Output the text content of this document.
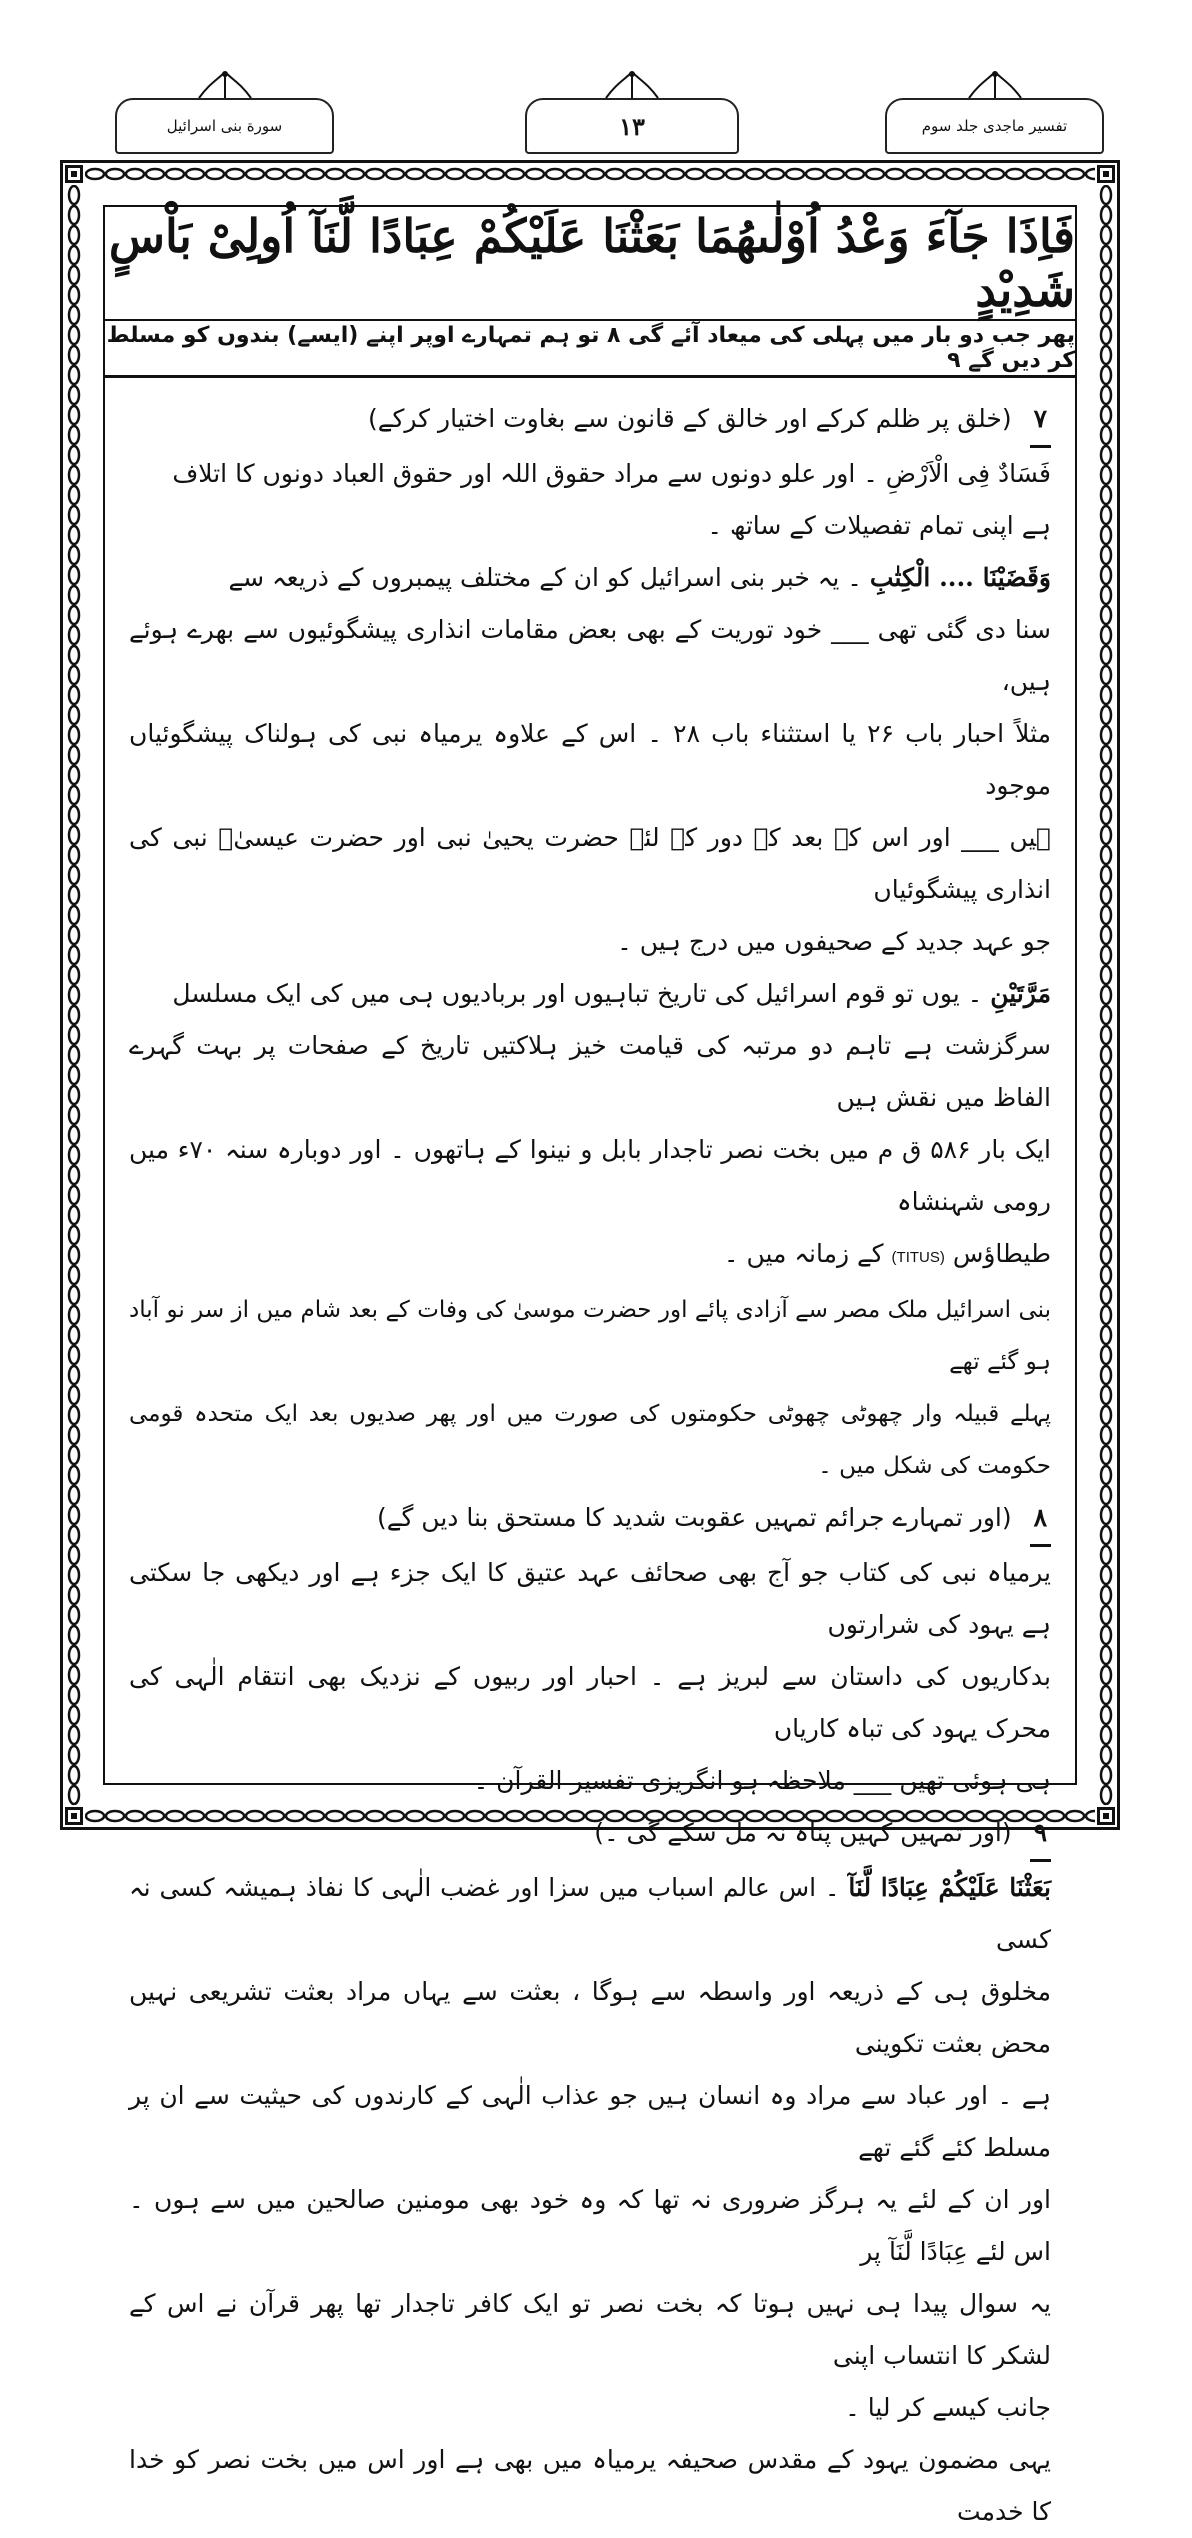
سورة بنی اسرائیل	۱۳	تفسیر ماجدی جلد سوم
فَاِذَا جَآءَ وَعْدُ اُوْلٰىهُمَا بَعَثْنَا عَلَيْكُمْ عِبَادًا لَّنَآ اُولِىْ بَاْسٍ شَدِيْدٍ
پھر جب دو بار میں پہلی کی میعاد آئے گی ۸ تو ہم تمہارے اوپر اپنے (ایسے) بندوں کو مسلط کر دیں گے ۹

۷ (خلق پر ظلم کرکے اور خالق کے قانون سے بغاوت اختیار کرکے)

فَسَادٌ فِى الْاَرْضِ ۔ اور علو دونوں سے مراد حقوق اللہ اور حقوق العباد دونوں کا اتلاف

ہے اپنی تمام تفصیلات کے ساتھ ۔

وَقَضَيْنَا .... الْكِتٰبِ ۔ یہ خبر بنی اسرائیل کو ان کے مختلف پیمبروں کے ذریعہ سے

سنا دی گئی تھی ___ خود توریت کے بھی بعض مقامات انذاری پیشگوئیوں سے بھرے ہوئے ہیں،

مثلاً احبار باب ۲۶ یا استثناء باب ۲۸ ۔ اس کے علاوہ یرمیاہ نبی کی ہولناک پیشگوئیاں موجود

ہیں ___ اور اس کے بعد کے دور کے لئے حضرت یحییٰ نبی اور حضرت عیسیٰؑ نبی کی انذاری پیشگوئیاں

جو عہد جدید کے صحیفوں میں درج ہیں ۔

مَرَّتَيْنِ ۔ یوں تو قوم اسرائیل کی تاریخ تباہیوں اور بربادیوں ہی میں کی ایک مسلسل

سرگزشت ہے تاہم دو مرتبہ کی قیامت خیز ہلاکتیں تاریخ کے صفحات پر بہت گہرے الفاظ میں نقش ہیں

ایک بار ۵۸۶ ق م میں بخت نصر تاجدار بابل و نینوا کے ہاتھوں ۔ اور دوبارہ سنہ ۷۰ء میں رومی شہنشاہ

طیطاؤس (TITUS) کے زمانہ میں ۔

بنی اسرائیل ملک مصر سے آزادی پائے اور حضرت موسیٰ کی وفات کے بعد شام میں از سر نو آباد ہو گئے تھے

پہلے قبیلہ وار چھوٹی چھوٹی حکومتوں کی صورت میں اور پھر صدیوں بعد ایک متحدہ قومی حکومت کی شکل میں ۔

۸ (اور تمہارے جرائم تمہیں عقوبت شدید کا مستحق بنا دیں گے)

یرمیاہ نبی کی کتاب جو آج بھی صحائف عہد عتیق کا ایک جزء ہے اور دیکھی جا سکتی ہے یہود کی شرارتوں

بدکاریوں کی داستان سے لبریز ہے ۔ احبار اور ربیوں کے نزدیک بھی انتقام الٰہی کی محرک یہود کی تباہ کاریاں

ہی ہوئی تھیں ___ ملاحظہ ہو انگریزی تفسیر القرآن ۔

۹ (اور تمہیں کہیں پناہ نہ مل سکے گی ۔)

بَعَثْنَا عَلَيْكُمْ عِبَادًا لَّنَآ ۔ اس عالم اسباب میں سزا اور غضب الٰہی کا نفاذ ہمیشہ کسی نہ کسی

مخلوق ہی کے ذریعہ اور واسطہ سے ہوگا ، بعثت سے یہاں مراد بعثت تشریعی نہیں محض بعثت تکوینی

ہے ۔ اور عباد سے مراد وہ انسان ہیں جو عذاب الٰہی کے کارندوں کی حیثیت سے ان پر مسلط کئے گئے تھے

اور ان کے لئے یہ ہرگز ضروری نہ تھا کہ وہ خود بھی مومنین صالحین میں سے ہوں ۔ اس لئے عِبَادًا لَّنَآ پر

یہ سوال پیدا ہی نہیں ہوتا کہ بخت نصر تو ایک کافر تاجدار تھا پھر قرآن نے اس کے لشکر کا انتساب اپنی

جانب کیسے کر لیا ۔

یہی مضمون یہود کے مقدس صحیفہ یرمیاہ میں بھی ہے اور اس میں بخت نصر کو خدا کا خدمت
